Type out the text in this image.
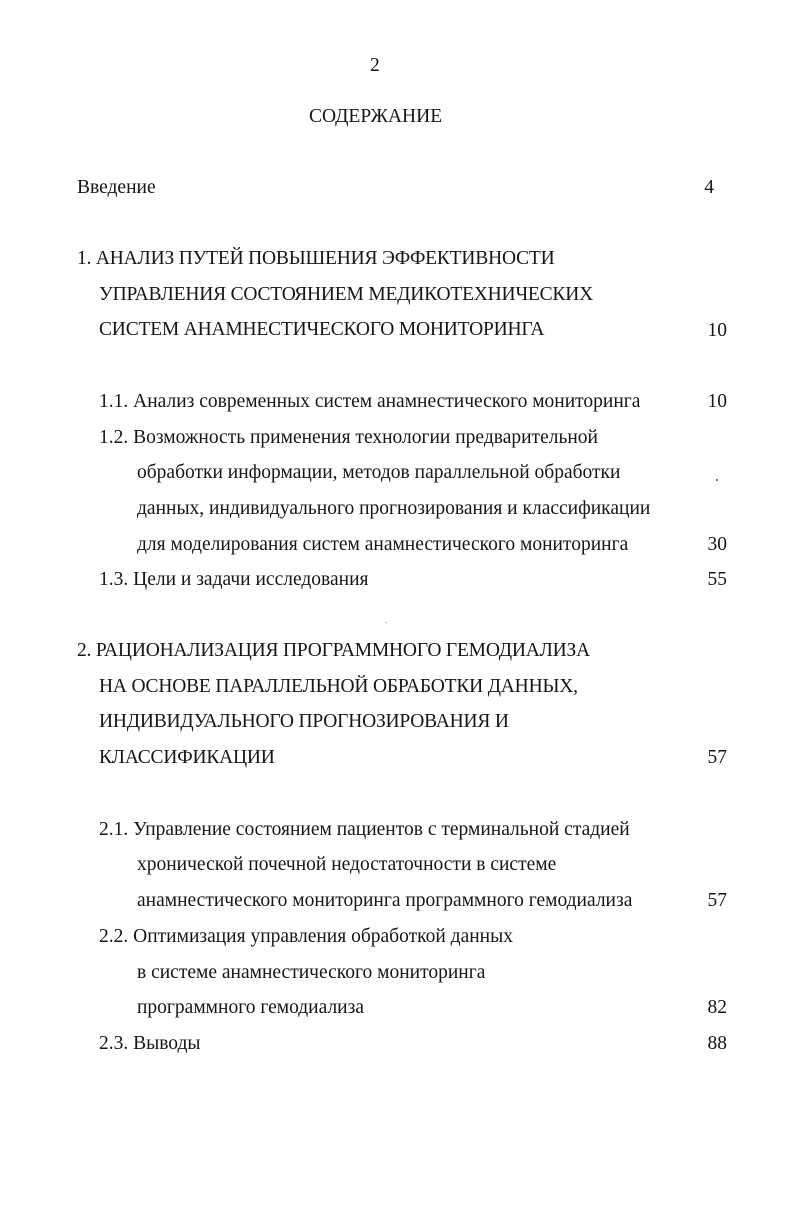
2
СОДЕРЖАНИЕ
Введение	4
1. АНАЛИЗ ПУТЕЙ ПОВЫШЕНИЯ ЭФФЕКТИВНОСТИ
УПРАВЛЕНИЯ СОСТОЯНИЕМ МЕДИКОТЕХНИЧЕСКИХ
СИСТЕМ АНАМНЕСТИЧЕСКОГО МОНИТОРИНГА	10
1.1. Анализ современных систем анамнестического мониторинга	10
1.2. Возможность применения технологии предварительной
обработки информации, методов параллельной обработки
данных, индивидуального прогнозирования и классификации
для моделирования систем анамнестического мониторинга	30
1.3. Цели и задачи исследования	55
2. РАЦИОНАЛИЗАЦИЯ ПРОГРАММНОГО ГЕМОДИАЛИЗА
НА ОСНОВЕ ПАРАЛЛЕЛЬНОЙ ОБРАБОТКИ ДАННЫХ,
ИНДИВИДУАЛЬНОГО ПРОГНОЗИРОВАНИЯ И
КЛАССИФИКАЦИИ	57
2.1. Управление состоянием пациентов с терминальной стадией
хронической почечной недостаточности в системе
анамнестического мониторинга программного гемодиализа	57
2.2. Оптимизация управления обработкой данных
в системе анамнестического мониторинга
программного гемодиализа	82
2.3. Выводы	88
